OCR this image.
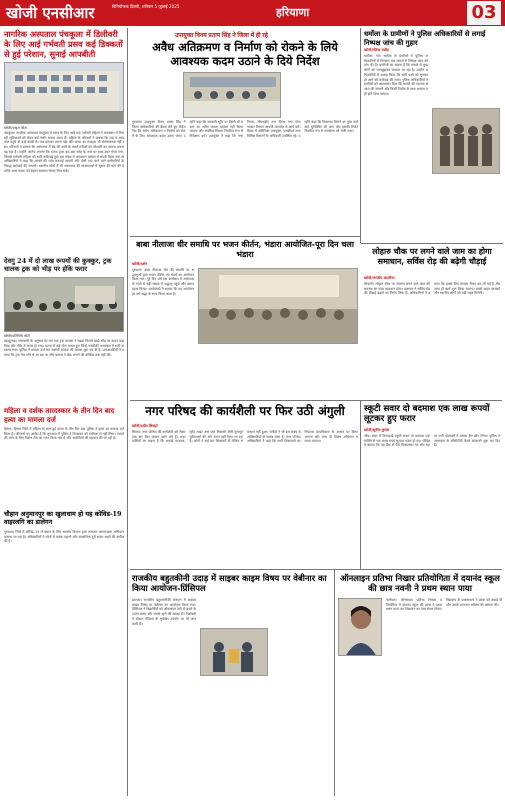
खोजी एनसीआर	विनियोजक दिल्ली, शनिवार 5 जुलाई 2025	हरियाणा	03
नागरिक अस्पताल पंचकूला में डिलीवरी के लिए आई गर्भवती प्रसव कई डिक्कतों से हुई परेशान, सुनाई आपबीती
खोजी/फ़ाइल फोटो
पंचकूला। नागरिक अस्पताल पंचकूला में प्रसव के लिए आई एक गर्भवती महिला ने अस्पताल में मिल रही सुविधाओं को लेकर कई गंभीर सवाल उठाए हैं। महिला के परिजनों ने बताया कि जब वे अस्पताल पहुंचे तो उन्हें काफी देर तक इंतजार करना पड़ा और स्टाफ का व्यवहार भी संतोषजनक नहीं रहा। परिजनों ने बताया कि अस्पताल में बेड की कमी के चलते मरीजों को परेशानी का सामना करना पड़ रहा है। उन्होंने आरोप लगाया कि स्टाफ द्वारा बार-बार जांच के नाम पर इधर-उधर भेजा गया, जिससे गर्भवती महिला को भारी कठिनाई हुई। इस संबंध में अस्पताल प्रबंधन से संपर्क किया गया तो अधिकारियों ने कहा कि मामले की जांच करवाई जाएगी और दोषी पाए जाने वाले कर्मचारियों के विरुद्ध कार्रवाई की जाएगी। स्थानीय लोगों ने भी अस्पताल की व्यवस्थाओं में सुधार की मांग की है ताकि आम जनता को बेहतर स्वास्थ्य सेवाएं मिल सकें।
देवगु 24 में दो लाख रूपयों की कुक्कुर, ट्रक चालक ट्रक को भीड़ पर हॉके फरार
खोजी/प्रतिनिधि फोटो
बहादुरगढ़। जानकारी के अनुसार देर रात एक ट्रक चालक ने सड़क किनारे खड़ी भीड़ पर वाहन चढ़ा दिया और मौके से फरार हो गया। घटना में कई लोग घायल हुए जिन्हें नजदीकी अस्पताल में भर्ती करवाया गया। पुलिस ने मामला दर्ज कर आरोपी चालक की तलाश शुरू कर दी है। प्रत्यक्षदर्शियों ने बताया कि ट्रक तेज गति से आ रहा था और चालक ने ब्रेक लगाने की कोशिश तक नहीं की।
महिला व दर्शक तारदस्कार के तीन दिन बाद हत्या का मामला दर्ज
हिसार। हिसार जिले में महिला के साथ हुई घटना के तीन दिन बाद पुलिस ने हत्या का मामला दर्ज किया है। परिजनों का आरोप है कि शुरुआत में पुलिस ने शिकायत को गंभीरता से नहीं लिया। मामले की जांच के लिए विशेष टीम का गठन किया गया है और आरोपियों की पहचान की जा रही है।
चौहान अनुमानपुर का खुलाधाम हो यह कोविड-19 वाइरलगि का डालेगन
गुरुग्राम। जिले में कोविड-19 से बचाव के लिए स्वास्थ्य विभाग द्वारा लगातार जागरूकता अभियान चलाया जा रहा है। अधिकारियों ने लोगों से मास्क पहनने और सामाजिक दूरी बनाए रखने की अपील की है।
उपायुक्त विनय प्रताप सिंह ने जिला में ही रहे
अवैध अतिक्रमण व निर्माण को रोकने के लिये आवश्यक कदम उठाने के दिये निर्देश
गुरुग्राम। उपायुक्त विनय प्रताप सिंह ने जिला अधिकारियों की बैठक लेते हुए निर्देश दिए कि अवैध अतिक्रमण व निर्माण को रोकने के लिए आवश्यक कदम उठाए जाएं। उन्होंने कहा कि सरकारी भूमि पर किसी भी प्रकार का अवैध कब्जा बर्दाश्त नहीं किया जाएगा और संबंधित विभाग नियमित रूप से निरीक्षण करें। उपायुक्त ने कहा कि नगर निगम, जीएमडीए तथा जिला नगर योजनाकार विभाग आपसी तालमेल से कार्य करें। बैठक में अतिरिक्त उपायुक्त, एसडीएम तथा विभिन्न विभागों के अधिकारी उपस्थित रहे। उन्होंने कहा कि शिकायत मिलने पर तुरंत कार्रवाई सुनिश्चित की जाए और इसकी रिपोर्ट नियमित रूप से कार्यालय को भेजी जाए।
धर्मोला के ग्रामीणों ने पुलिस अधिकारियों से लगाई निष्पक्ष जांच की गुहार
खोजी/वीरेन्द्र राठौड़
धर्मोला। गांव धर्मोला के ग्रामीणों ने पुलिस अधिकारियों से मिलकर एक मामले में निष्पक्ष जांच की मांग की है। ग्रामीणों का कहना है कि मामले में कुछ लोगों को जानबूझकर फंसाया जा रहा है। उन्होंने अधिकारियों से आग्रह किया कि सभी पक्षों को सुनकर ही आगे की कार्रवाई की जाए। पुलिस अधिकारियों ने ग्रामीणों को आश्वासन दिया कि मामले की गहनता से जांच की जाएगी और किसी निर्दोष के साथ अन्याय नहीं होने दिया जाएगा।
बाबा नीलाजा धीर समाधि पर भजन कीर्तन, भंडारा आयोजित-पूरा दिन चला भंडारा
खोजी/दर्शन
गुरुग्राम। बाबा नीलाजा धीर की समाधि पर श्रद्धालुओं द्वारा भजन कीर्तन एवं भंडारे का आयोजन किया गया। पूरे दिन चले इस कार्यक्रम में आसपास के गांवों से बड़ी संख्या में श्रद्धालु पहुंचे और प्रसाद ग्रहण किया। आयोजकों ने बताया कि यह आयोजन हर वर्ष श्रद्धा के साथ किया जाता है।
लोहारु चौक पर लगने वाले जाम का होगा समाधान, सर्विस रोड़ की बढ़ेगी चौड़ाई
खोजी/जगदीप कटारिया
भिवानी। लोहारु चौक पर रोजाना लगने वाले जाम की समस्या का जल्द समाधान होगा। प्रशासन ने सर्विस रोड की चौड़ाई बढ़ाने का निर्णय लिया है। अधिकारियों ने बताया कि इसके लिए योजना तैयार कर ली गई है और जल्द ही कार्य शुरू किया जाएगा। इससे वाहन चालकों और स्थानीय लोगों को बड़ी राहत मिलेगी।
नगर परिषद की कार्यशैली पर फिर उठी अंगुली
खोजी/प्रदीप शिवहरे
सिरसा। नगर परिषद की कार्यशैली को लेकर एक बार फिर सवाल उठने लगे हैं। शहरवासियों का कहना है कि सफाई व्यवस्था, स्ट्रीट लाइट तथा जल निकासी जैसी मूलभूत सुविधाओं की ओर ध्यान नहीं दिया जा रहा है। लोगों ने कई बार शिकायतें दी लेकिन समाधान नहीं हुआ। पार्षदों ने भी इस संबंध में अधिकारियों से जवाब मांगा है। नगर परिषद अधिकारियों ने कहा कि सभी शिकायतों का निपटारा प्राथमिकता के आधार पर किया जाएगा और जल्द ही विशेष अभियान चलाया जाएगा।
स्कूटी सवार दो बदमाश एक लाख रूपयों लूटकर हुए फरार
खोजी/सुनील कुमार
जींद। शहर में दिनदहाड़े स्कूटी सवार दो बदमाश एक व्यक्ति से एक लाख रुपये लूटकर फरार हो गए। पीड़ित ने बताया कि वह बैंक से पैसे निकालकर घर लौट रहा था तभी बदमाशों ने उसका बैग छीन लिया। पुलिस ने आसपास के सीसीटीवी कैमरे खंगालने शुरू कर दिए हैं।
राजकीय बहुतकीनी उदाड़ में साइबर काइम विषय पर वेबीनार का किया आयोजन-प्रिंसिपल
झज्जर। राजकीय बहुतकनीकी संस्थान में साइबर क्राइम विषय पर वेबीनार का आयोजन किया गया। प्रिंसिपल ने विद्यार्थियों को ऑनलाइन ठगी से बचने के उपाय बताए और सतर्क रहने की सलाह दी। विशेषज्ञों ने सोशल मीडिया के सुरक्षित उपयोग पर भी जानकारी दी।
ऑनलाइन प्रतिभा निखार प्रतियोगिता में दयानंद स्कूल की छात्र नवनी ने प्रथम स्थान पाया
पानीपत। ऑनलाइन प्रतिभा निखार प्रतियोगिता में दयानंद स्कूल की छात्रा ने प्रथम स्थान प्राप्त कर विद्यालय का नाम रोशन किया। विद्यालय के प्रधानाचार्य ने छात्रा को बधाई दी और उसके उज्ज्वल भविष्य की कामना की।
